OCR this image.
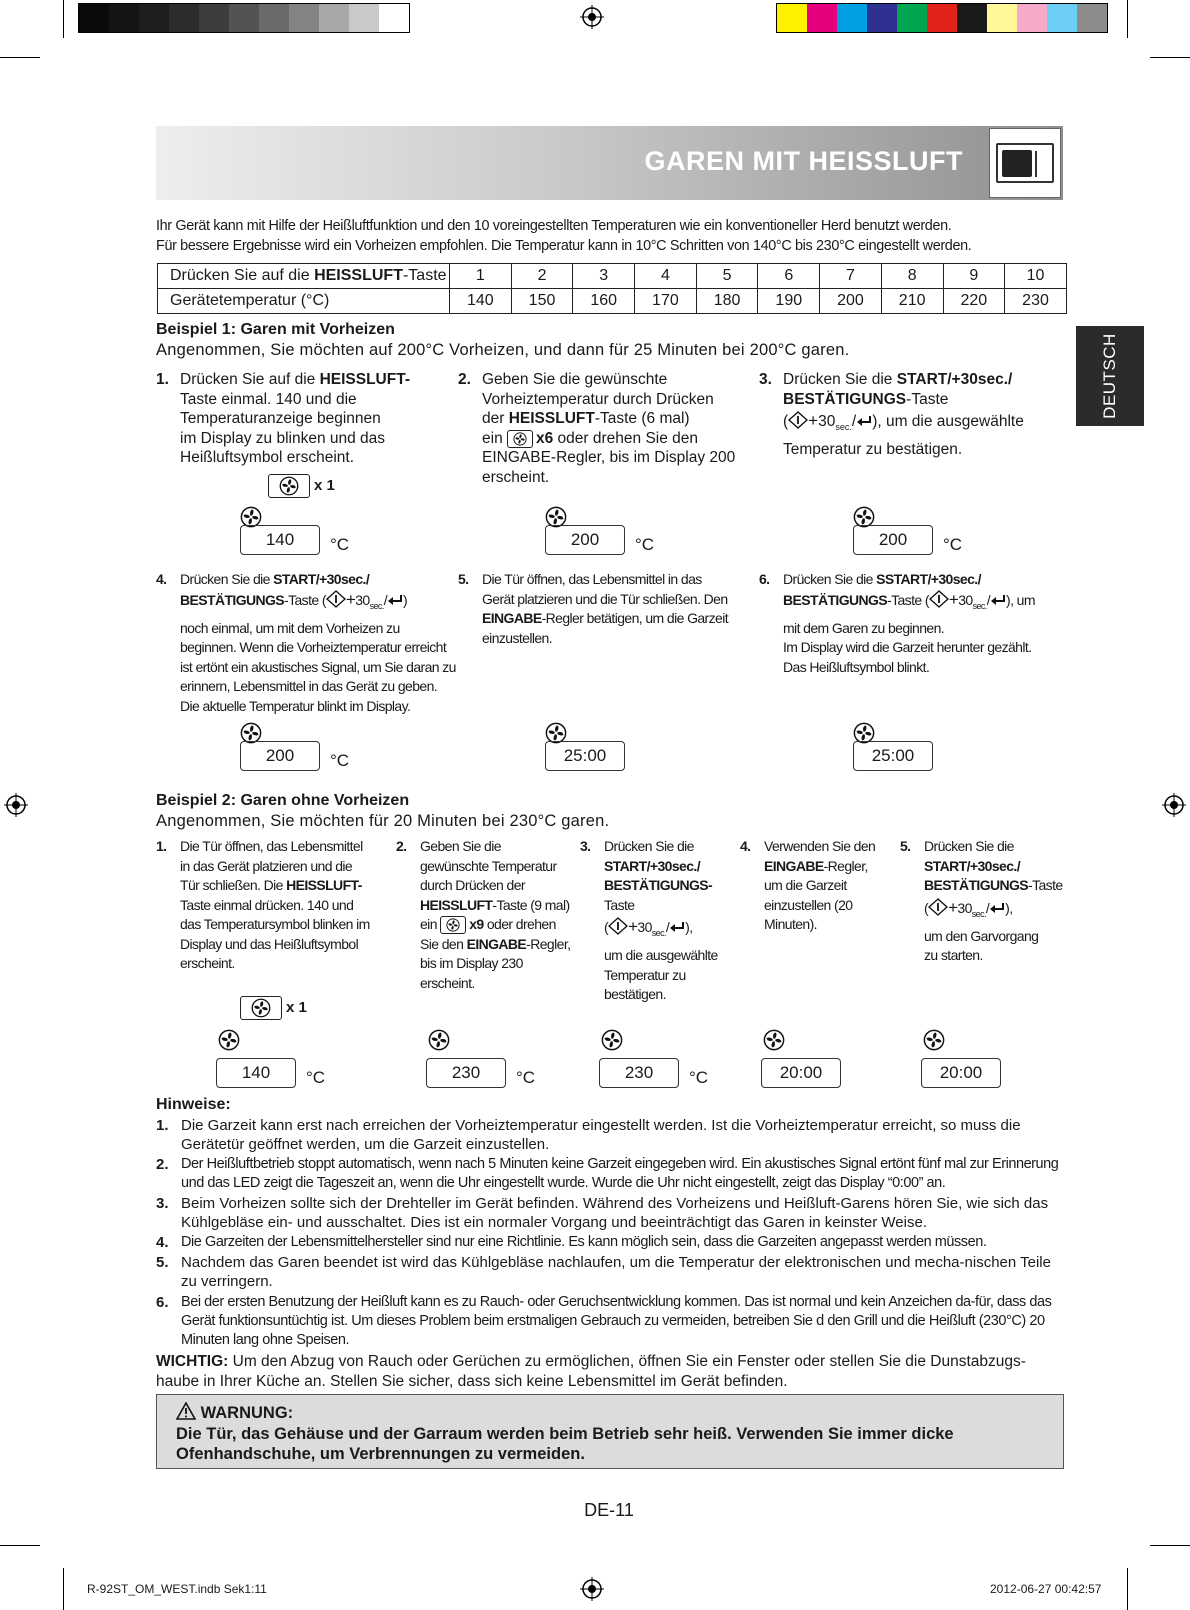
GAREN MIT HEISSLUFT
DEUTSCH
Ihr Gerät kann mit Hilfe der Heißluftfunktion und den 10 voreingestellten Temperaturen wie ein konventioneller Herd benutzt werden.
Für bessere Ergebnisse wird ein Vorheizen empfohlen. Die Temperatur kann in 10°C Schritten von 140°C bis 230°C eingestellt werden.
Drücken Sie auf die HEISSLUFT-Taste	1	2	3	4	5	6	7	8	9	10
Gerätetemperatur (°C)	140	150	160	170	180	190	200	210	220	230
Beispiel 1: Garen mit Vorheizen
Angenommen, Sie möchten auf 200°C Vorheizen, und dann für 25 Minuten bei 200°C garen.
1. Drücken Sie auf die HEISSLUFT-
Taste einmal. 140 und die
Temperaturanzeige beginnen
im Display zu blinken und das
Heißluftsymbol erscheint.
2. Geben Sie die gewünschte
Vorheiztemperatur durch Drücken
der HEISSLUFT-Taste (6 mal)
ein x6 oder drehen Sie den
EINGABE-Regler, bis im Display 200
erscheint.
3. Drücken Sie die START/+30sec./
BESTÄTIGUNGS-Taste
( $+30_{sec.}/$ ), um die ausgewählte
Temperatur zu bestätigen.
4. Drücken Sie die START/+30sec./
BESTÄTIGUNGS-Taste ( $+30_{sec.}/$ )
noch einmal, um mit dem Vorheizen zu
beginnen. Wenn die Vorheiztemperatur erreicht
ist ertönt ein akustisches Signal, um Sie daran zu
erinnern, Lebensmittel in das Gerät zu geben.
Die aktuelle Temperatur blinkt im Display.
5. Die Tür öffnen, das Lebensmittel in das
Gerät platzieren und die Tür schließen. Den
EINGABE-Regler betätigen, um die Garzeit
einzustellen.
6. Drücken Sie die SSTART/+30sec./
BESTÄTIGUNGS-Taste ( $+30_{sec.}/$ ), um
mit dem Garen zu beginnen.
Im Display wird die Garzeit herunter gezählt.
Das Heißluftsymbol blinkt.
Beispiel 2: Garen ohne Vorheizen
Angenommen, Sie möchten für 20 Minuten bei 230°C garen.
1. Die Tür öffnen, das Lebensmittel
in das Gerät platzieren und die
Tür schließen. Die HEISSLUFT-
Taste einmal drücken. 140 und
das Temperatursymbol blinken im
Display und das Heißluftsymbol
erscheint.
2. Geben Sie die
gewünschte Temperatur
durch Drücken der
HEISSLUFT-Taste (9 mal)
ein x9 oder drehen
Sie den EINGABE-Regler,
bis im Display 230
erscheint.
3. Drücken Sie die
START/+30sec./
BESTÄTIGUNGS-
Taste
( $+30_{sec.}/$ ),
um die ausgewählte
Temperatur zu
bestätigen.
4. Verwenden Sie den
EINGABE-Regler,
um die Garzeit
einzustellen (20
Minuten).
5. Drücken Sie die
START/+30sec./
BESTÄTIGUNGS-Taste
( $+30_{sec.}/$ ),
um den Garvorgang
zu starten.
x 1
140	°C	200	°C	200	°C
200	°C	25:00	25:00
x 1
140	°C	230	°C	230	°C	20:00	20:00
Hinweise:
1. Die Garzeit kann erst nach erreichen der Vorheiztemperatur eingestellt werden. Ist die Vorheiztemperatur erreicht, so muss die Gerätetür geöffnet werden, um die Garzeit einzustellen.
2. Der Heißluftbetrieb stoppt automatisch, wenn nach 5 Minuten keine Garzeit eingegeben wird. Ein akustisches Signal ertönt fünf mal zur Erinnerung und das LED zeigt die Tageszeit an, wenn die Uhr eingestellt wurde. Wurde die Uhr nicht eingestellt, zeigt das Display “0:00” an.
3. Beim Vorheizen sollte sich der Drehteller im Gerät befinden. Während des Vorheizens und Heißluft-Garens hören Sie, wie sich das Kühlgebläse ein- und ausschaltet. Dies ist ein normaler Vorgang und beeinträchtigt das Garen in keinster Weise.
4. Die Garzeiten der Lebensmittelhersteller sind nur eine Richtlinie. Es kann möglich sein, dass die Garzeiten angepasst werden müssen.
5. Nachdem das Garen beendet ist wird das Kühlgebläse nachlaufen, um die Temperatur der elektronischen und mecha-nischen Teile zu verringern.
6. Bei der ersten Benutzung der Heißluft kann es zu Rauch- oder Geruchsentwicklung kommen. Das ist normal und kein Anzeichen da-für, dass das Gerät funktionsuntüchtig ist. Um dieses Problem beim erstmaligen Gebrauch zu vermeiden, betreiben Sie d den Grill und die Heißluft (230°C) 20 Minuten lang ohne Speisen.
WICHTIG: Um den Abzug von Rauch oder Gerüchen zu ermöglichen, öffnen Sie ein Fenster oder stellen Sie die Dunstabzugs-haube in Ihrer Küche an. Stellen Sie sicher, dass sich keine Lebensmittel im Gerät befinden.
WARNUNG:
Die Tür, das Gehäuse und der Garraum werden beim Betrieb sehr heiß. Verwenden Sie immer dicke Ofenhandschuhe, um Verbrennungen zu vermeiden.
DE-11
R-92ST_OM_WEST.indb Sek1:11	2012-06-27 00:42:57
